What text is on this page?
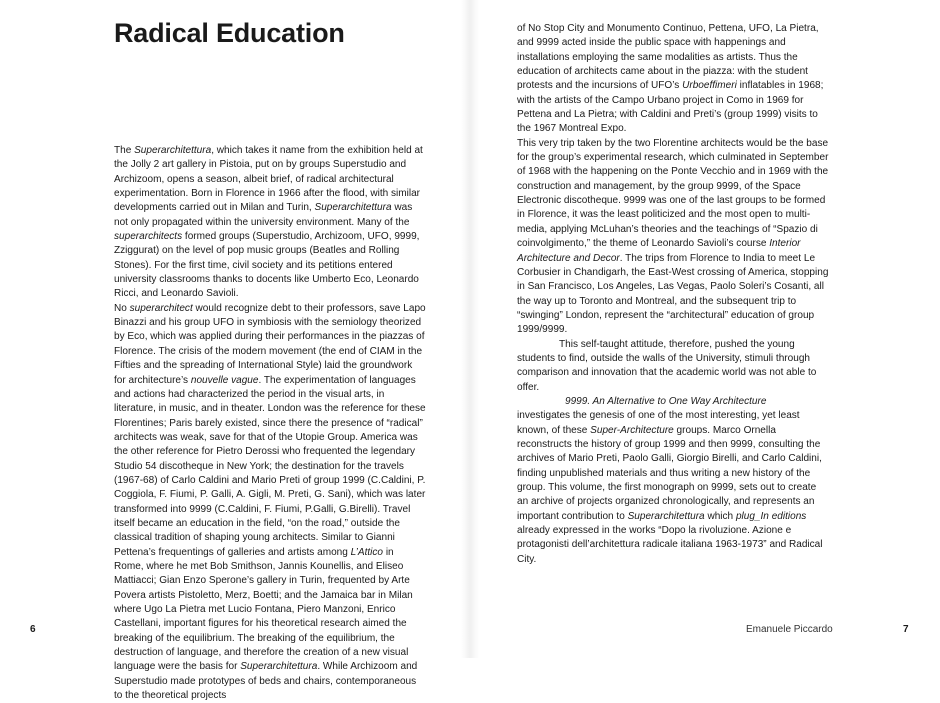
Radical Education

The Superarchitettura, which takes it name from the exhibition held at the Jolly 2 art gallery in Pistoia, put on by groups Superstudio and Archizoom, opens a season, albeit brief, of radical architectural experimentation. Born in Florence in 1966 after the flood, with similar developments carried out in Milan and Turin, Superarchitettura was not only propagated within the university environment. Many of the superarchitects formed groups (Superstudio, Archizoom, UFO, 9999, Zziggurat) on the level of pop music groups (Beatles and Rolling Stones). For the first time, civil society and its petitions entered university classrooms thanks to docents like Umberto Eco, Leonardo Ricci, and Leonardo Savioli.

No superarchitect would recognize debt to their professors, save Lapo Binazzi and his group UFO in symbiosis with the semiology theorized by Eco, which was applied during their performances in the piazzas of Florence. The crisis of the modern movement (the end of CIAM in the Fifties and the spreading of International Style) laid the groundwork for architecture’s nouvelle vague. The experimentation of languages and actions had characterized the period in the visual arts, in literature, in music, and in theater. London was the reference for these Florentines; Paris barely existed, since there the presence of “radical” architects was weak, save for that of the Utopie Group. America was the other reference for Pietro Derossi who frequented the legendary Studio 54 discotheque in New York; the destination for the travels (1967-68) of Carlo Caldini and Mario Preti of group 1999 (C.Caldini, P. Coggiola, F. Fiumi, P. Galli, A. Gigli, M. Preti, G. Sani), which was later transformed into 9999 (C.Caldini, F. Fiumi, P.Galli, G.Birelli). Travel itself became an education in the field, “on the road,” outside the classical tradition of shaping young architects. Similar to Gianni Pettena’s frequentings of galleries and artists among L’Attico in Rome, where he met Bob Smithson, Jannis Kounellis, and Eliseo Mattiacci; Gian Enzo Sperone’s gallery in Turin, frequented by Arte Povera artists Pistoletto, Merz, Boetti; and the Jamaica bar in Milan where Ugo La Pietra met Lucio Fontana, Piero Manzoni, Enrico Castellani, important figures for his theoretical research aimed the breaking of the equilibrium. The breaking of the equilibrium, the destruction of language, and therefore the creation of a new visual language were the basis for Superarchitettura. While Archizoom and Superstudio made prototypes of beds and chairs, contemporaneous to the theoretical projects

of No Stop City and Monumento Continuo, Pettena, UFO, La Pietra, and 9999 acted inside the public space with happenings and installations employing the same modalities as artists. Thus the education of architects came about in the piazza: with the student protests and the incursions of UFO’s Urboeffimeri inflatables in 1968; with the artists of the Campo Urbano project in Como in 1969 for Pettena and La Pietra; with Caldini and Preti’s (group 1999) visits to the 1967 Montreal Expo.

This very trip taken by the two Florentine architects would be the base for the group’s experimental research, which culminated in September of 1968 with the happening on the Ponte Vecchio and in 1969 with the construction and management, by the group 9999, of the Space Electronic discotheque. 9999 was one of the last groups to be formed in Florence, it was the least politicized and the most open to multi-media, applying McLuhan’s theories and the teachings of “Spazio di coinvolgimento,” the theme of Leonardo Savioli’s course Interior Architecture and Decor. The trips from Florence to India to meet Le Corbusier in Chandigarh, the East-West crossing of America, stopping in San Francisco, Los Angeles, Las Vegas, Paolo Soleri’s Cosanti, all the way up to Toronto and Montreal, and the subsequent trip to “swinging” London, represent the “architectural” education of group 1999/9999.

This self-taught attitude, therefore, pushed the young students to find, outside the walls of the University, stimuli through comparison and innovation that the academic world was not able to offer.

9999. An Alternative to One Way Architecture

investigates the genesis of one of the most interesting, yet least known, of these Super-Architecture groups. Marco Ornella reconstructs the history of group 1999 and then 9999, consulting the archives of Mario Preti, Paolo Galli, Giorgio Birelli, and Carlo Caldini, finding unpublished materials and thus writing a new history of the group. This volume, the first monograph on 9999, sets out to create an archive of projects organized chronologically, and represents an important contribution to Superarchitettura which plug_In editions already expressed in the works “Dopo la rivoluzione. Azione e protagonisti dell’architettura radicale italiana 1963-1973” and Radical City.

6	Emanuele Piccardo	7
